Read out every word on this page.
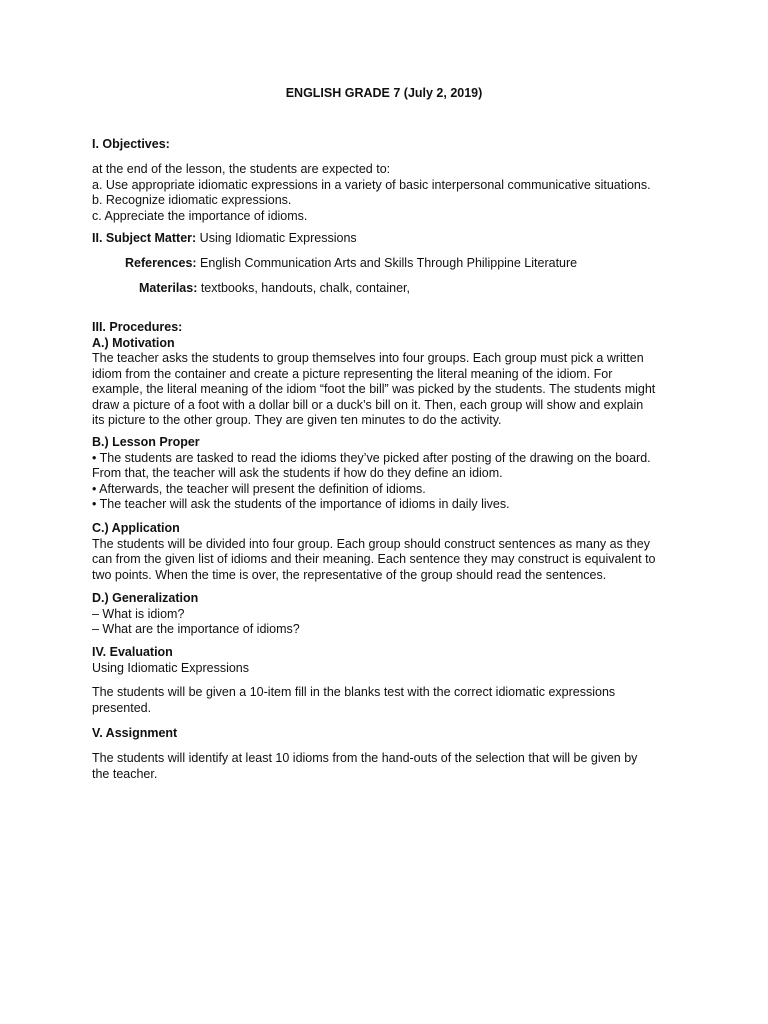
ENGLISH GRADE 7 (July 2, 2019)
I. Objectives:
at the end of the lesson, the students are expected to:
a. Use appropriate idiomatic expressions in a variety of basic interpersonal communicative situations.
b. Recognize idiomatic expressions.
c. Appreciate the importance of idioms.
II. Subject Matter: Using Idiomatic Expressions
References: English Communication Arts and Skills Through Philippine Literature
Materilas: textbooks, handouts, chalk, container,
III. Procedures:
A.) Motivation
The teacher asks the students to group themselves into four groups. Each group must pick a written
idiom from the container and create a picture representing the literal meaning of the idiom. For
example, the literal meaning of the idiom “foot the bill” was picked by the students. The students might
draw a picture of a foot with a dollar bill or a duck’s bill on it. Then, each group will show and explain
its picture to the other group. They are given ten minutes to do the activity.
B.) Lesson Proper
• The students are tasked to read the idioms they’ve picked after posting of the drawing on the board.
From that, the teacher will ask the students if how do they define an idiom.
• Afterwards, the teacher will present the definition of idioms.
• The teacher will ask the students of the importance of idioms in daily lives.
C.) Application
The students will be divided into four group. Each group should construct sentences as many as they
can from the given list of idioms and their meaning. Each sentence they may construct is equivalent to
two points. When the time is over, the representative of the group should read the sentences.
D.) Generalization
– What is idiom?
– What are the importance of idioms?
IV. Evaluation
Using Idiomatic Expressions
The students will be given a 10-item fill in the blanks test with the correct idiomatic expressions
presented.
V. Assignment
The students will identify at least 10 idioms from the hand-outs of the selection that will be given by
the teacher.
